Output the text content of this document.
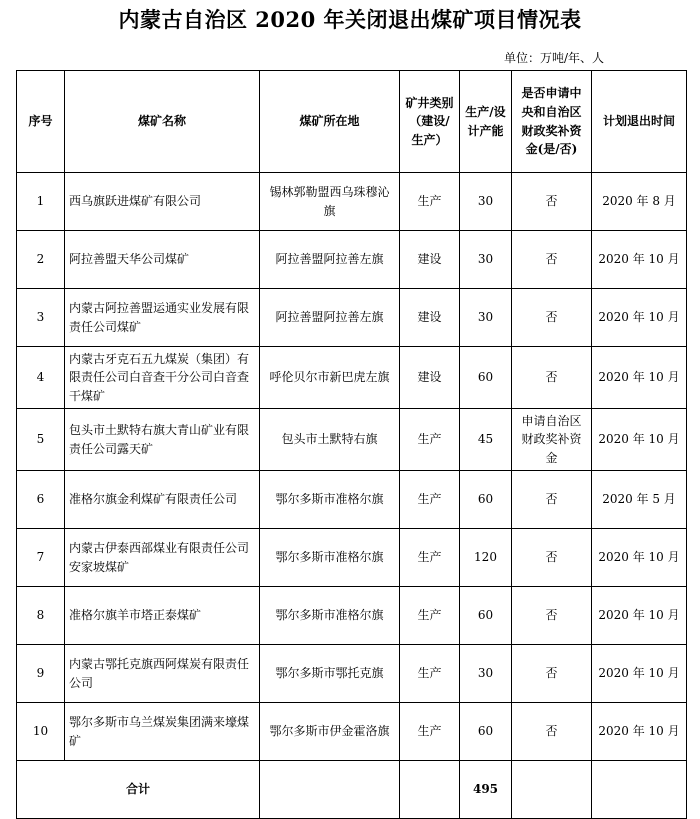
内蒙古自治区 2020 年关闭退出煤矿项目情况表
单位：万吨/年、人
序号	煤矿名称	煤矿所在地	矿井类别（建设/生产）	生产/设计产能	是否申请中央和自治区财政奖补资金(是/否)	计划退出时间
1	西乌旗跃进煤矿有限公司	锡林郭勒盟西乌珠穆沁旗	生产	30	否	2020 年 8 月
2	阿拉善盟天华公司煤矿	阿拉善盟阿拉善左旗	建设	30	否	2020 年 10 月
3	内蒙古阿拉善盟运通实业发展有限责任公司煤矿	阿拉善盟阿拉善左旗	建设	30	否	2020 年 10 月
4	内蒙古牙克石五九煤炭（集团）有限责任公司白音查干分公司白音查干煤矿	呼伦贝尔市新巴虎左旗	建设	60	否	2020 年 10 月
5	包头市土默特右旗大青山矿业有限责任公司露天矿	包头市土默特右旗	生产	45	申请自治区财政奖补资金	2020 年 10 月
6	准格尔旗金利煤矿有限责任公司	鄂尔多斯市准格尔旗	生产	60	否	2020 年 5 月
7	内蒙古伊泰西部煤业有限责任公司安家坡煤矿	鄂尔多斯市准格尔旗	生产	120	否	2020 年 10 月
8	准格尔旗羊市塔正泰煤矿	鄂尔多斯市准格尔旗	生产	60	否	2020 年 10 月
9	内蒙古鄂托克旗西阿煤炭有限责任公司	鄂尔多斯市鄂托克旗	生产	30	否	2020 年 10 月
10	鄂尔多斯市乌兰煤炭集团满来壕煤矿	鄂尔多斯市伊金霍洛旗	生产	60	否	2020 年 10 月
合计				495		
